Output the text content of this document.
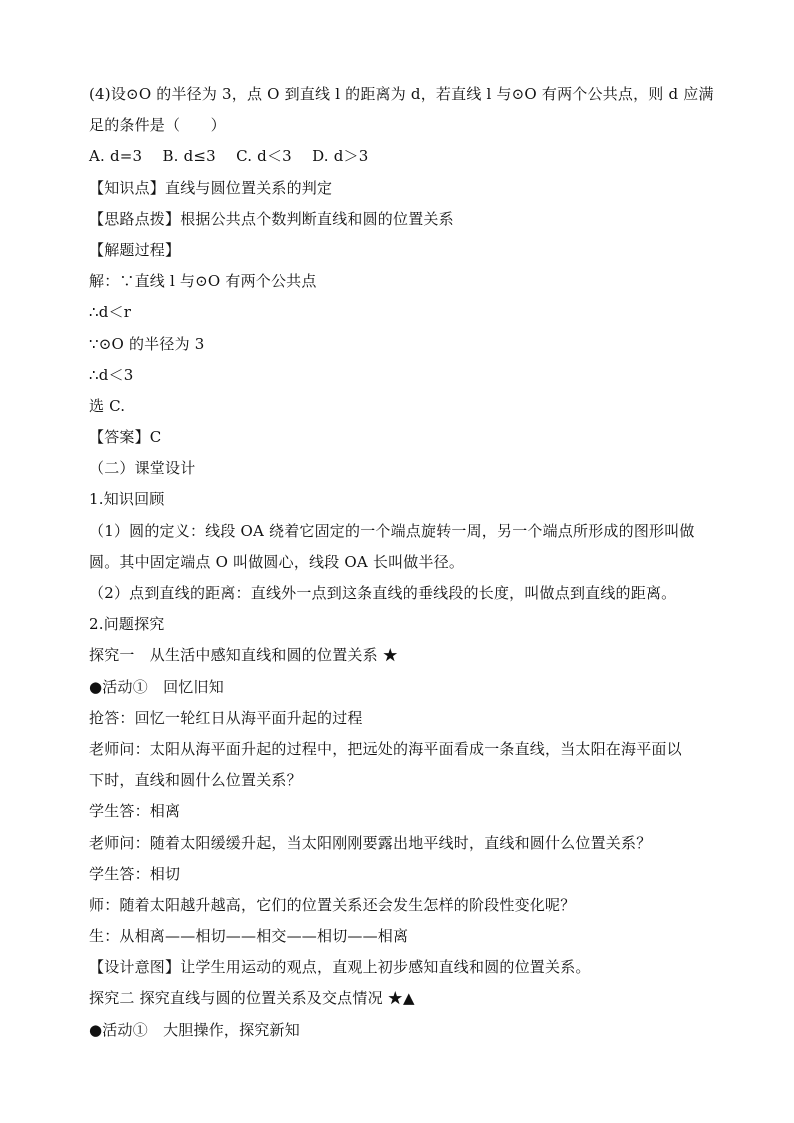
(4)设⊙O 的半径为 3，点 O 到直线 l 的距离为 d，若直线 l 与⊙O 有两个公共点，则 d 应满
足的条件是（　　）
A. d=3　 B. d≤3　 C. d＜3　 D. d＞3
【知识点】直线与圆位置关系的判定
【思路点拨】根据公共点个数判断直线和圆的位置关系
【解题过程】
解：∵直线 l 与⊙O 有两个公共点
∴d＜r
∵⊙O 的半径为 3
∴d＜3
选 C.
【答案】C
（二）课堂设计
1.知识回顾
（1）圆的定义：线段 OA 绕着它固定的一个端点旋转一周，另一个端点所形成的图形叫做
圆。其中固定端点 O 叫做圆心，线段 OA 长叫做半径。
（2）点到直线的距离：直线外一点到这条直线的垂线段的长度，叫做点到直线的距离。
2.问题探究
探究一　从生活中感知直线和圆的位置关系 ★
●活动①　回忆旧知
抢答：回忆一轮红日从海平面升起的过程
老师问：太阳从海平面升起的过程中，把远处的海平面看成一条直线，当太阳在海平面以
下时，直线和圆什么位置关系？
学生答：相离
老师问：随着太阳缓缓升起，当太阳刚刚要露出地平线时，直线和圆什么位置关系？
学生答：相切
师：随着太阳越升越高，它们的位置关系还会发生怎样的阶段性变化呢？
生：从相离——相切——相交——相切——相离
【设计意图】让学生用运动的观点，直观上初步感知直线和圆的位置关系。
探究二 探究直线与圆的位置关系及交点情况 ★▲
●活动①　大胆操作，探究新知
